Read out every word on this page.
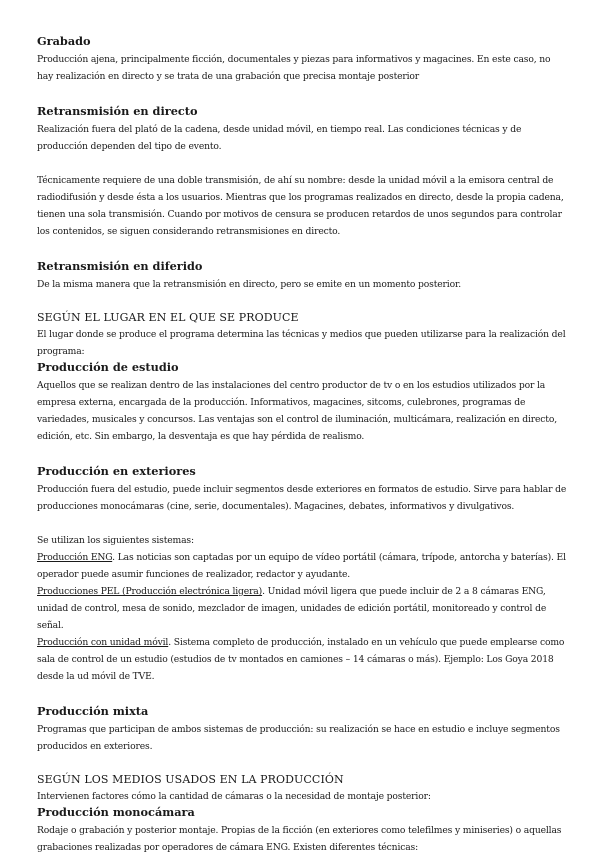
Grabado

Producción ajena, principalmente ficción, documentales y piezas para informativos y magacines. En este caso, no hay realización en directo y se trata de una grabación que precisa montaje posterior

Retransmisión en directo

Realización fuera del plató de la cadena, desde unidad móvil, en tiempo real. Las condiciones técnicas y de producción dependen del tipo de evento.

Técnicamente requiere de una doble transmisión, de ahí su nombre: desde la unidad móvil a la emisora central de radiodifusión y desde ésta a los usuarios. Mientras que los programas realizados en directo, desde la propia cadena, tienen una sola transmisión. Cuando por motivos de censura se producen retardos de unos segundos para controlar los contenidos, se siguen considerando retransmisiones en directo.

Retransmisión en diferido

De la misma manera que la retransmisión en directo, pero se emite en un momento posterior.

SEGÚN EL LUGAR EN EL QUE SE PRODUCE

El lugar donde se produce el programa determina las técnicas y medios que pueden utilizarse para la realización del programa:

Producción de estudio

Aquellos que se realizan dentro de las instalaciones del centro productor de tv o en los estudios utilizados por la empresa externa, encargada de la producción. Informativos, magacines, sitcoms, culebrones, programas de variedades, musicales y concursos. Las ventajas son el control de iluminación, multicámara, realización en directo, edición, etc. Sin embargo, la desventaja es que hay pérdida de realismo.

Producción en exteriores

Producción fuera del estudio, puede incluir segmentos desde exteriores en formatos de estudio. Sirve para hablar de producciones monocámaras (cine, serie, documentales). Magacines, debates, informativos y divulgativos.

Se utilizan los siguientes sistemas:

Producción ENG. Las noticias son captadas por un equipo de vídeo portátil (cámara, trípode, antorcha y baterías). El operador puede asumir funciones de realizador, redactor y ayudante.

Producciones PEL (Producción electrónica ligera). Unidad móvil ligera que puede incluir de 2 a 8 cámaras ENG, unidad de control, mesa de sonido, mezclador de imagen, unidades de edición portátil, monitoreado y control de señal.

Producción con unidad móvil. Sistema completo de producción, instalado en un vehículo que puede emplearse como sala de control de un estudio (estudios de tv montados en camiones – 14 cámaras o más). Ejemplo: Los Goya 2018 desde la ud móvil de TVE.

Producción mixta

Programas que participan de ambos sistemas de producción: su realización se hace en estudio e incluye segmentos producidos en exteriores.

SEGÚN LOS MEDIOS USADOS EN LA PRODUCCIÓN

Intervienen factores cómo la cantidad de cámaras o la necesidad de montaje posterior:

Producción monocámara

Rodaje o grabación y posterior montaje. Propias de la ficción (en exteriores como telefilmes y miniseries) o aquellas grabaciones realizadas por operadores de cámara ENG. Existen diferentes técnicas:
